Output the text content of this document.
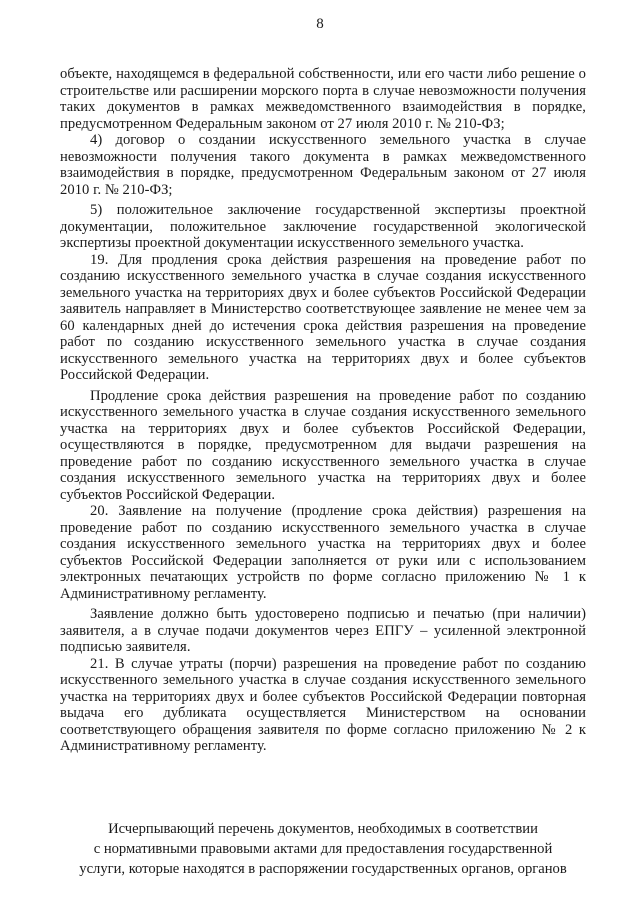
8

объекте, находящемся в федеральной собственности, или его части либо решение о строительстве или расширении морского порта в случае невозможности получения таких документов в рамках межведомственного взаимодействия в порядке, предусмотренном Федеральным законом от 27 июля 2010 г. № 210-ФЗ;

4) договор о создании искусственного земельного участка в случае невозможности получения такого документа в рамках межведомственного взаимодействия в порядке, предусмотренном Федеральным законом от 27 июля 2010 г. № 210-ФЗ;

5) положительное заключение государственной экспертизы проектной документации, положительное заключение государственной экологической экспертизы проектной документации искусственного земельного участка.

19. Для продления срока действия разрешения на проведение работ по созданию искусственного земельного участка в случае создания искусственного земельного участка на территориях двух и более субъектов Российской Федерации заявитель направляет в Министерство соответствующее заявление не менее чем за 60 календарных дней до истечения срока действия разрешения на проведение работ по созданию искусственного земельного участка в случае создания искусственного земельного участка на территориях двух и более субъектов Российской Федерации.

Продление срока действия разрешения на проведение работ по созданию искусственного земельного участка в случае создания искусственного земельного участка на территориях двух и более субъектов Российской Федерации, осуществляются в порядке, предусмотренном для выдачи разрешения на проведение работ по созданию искусственного земельного участка в случае создания искусственного земельного участка на территориях двух и более субъектов Российской Федерации.

20. Заявление на получение (продление срока действия) разрешения на проведение работ по созданию искусственного земельного участка в случае создания искусственного земельного участка на территориях двух и более субъектов Российской Федерации заполняется от руки или с использованием электронных печатающих устройств по форме согласно приложению № 1 к Административному регламенту.

Заявление должно быть удостоверено подписью и печатью (при наличии) заявителя, а в случае подачи документов через ЕПГУ – усиленной электронной подписью заявителя.

21. В случае утраты (порчи) разрешения на проведение работ по созданию искусственного земельного участка в случае создания искусственного земельного участка на территориях двух и более субъектов Российской Федерации повторная выдача его дубликата осуществляется Министерством на основании соответствующего обращения заявителя по форме согласно приложению № 2 к Административному регламенту.

Исчерпывающий перечень документов, необходимых в соответствии
с нормативными правовыми актами для предоставления государственной
услуги, которые находятся в распоряжении государственных органов, органов
